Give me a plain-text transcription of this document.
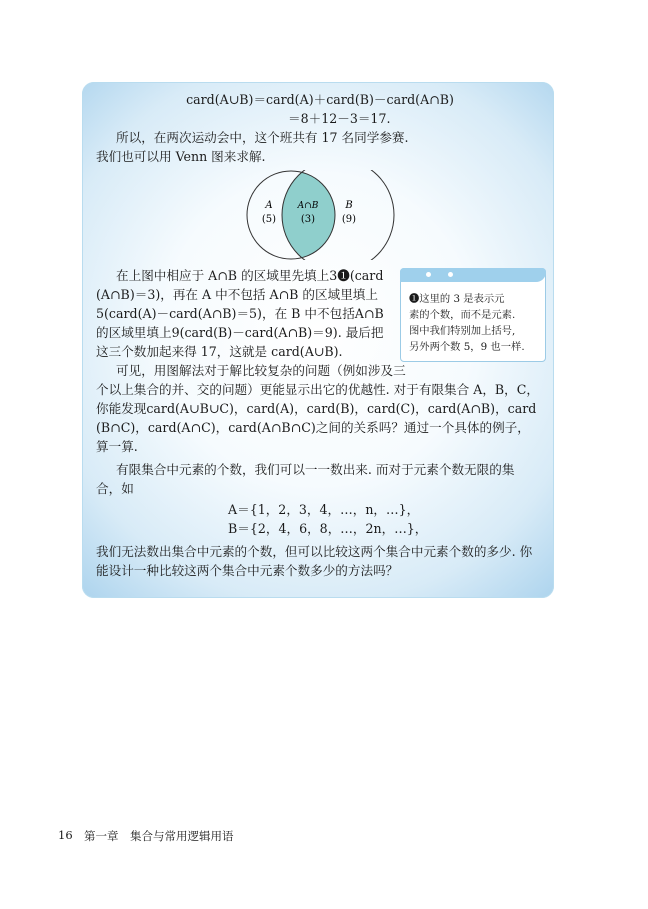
card(A∪B)＝card(A)＋card(B)－card(A∩B)
＝8＋12－3＝17.
所以，在两次运动会中，这个班共有 17 名同学参赛.
我们也可以用 Venn 图来求解.
A
(5)
A∩B
(3)
B
(9)
在上图中相应于 A∩B 的区域里先填上3❶(card
(A∩B)＝3)，再在 A 中不包括 A∩B 的区域里填上
5(card(A)－card(A∩B)＝5)，在 B 中不包括A∩B
的区域里填上9(card(B)－card(A∩B)＝9). 最后把
这三个数加起来得 17，这就是 card(A∪B).
❶这里的 3 是表示元
素的个数，而不是元素.
图中我们特别加上括号,
另外两个数 5，9 也一样.
可见，用图解法对于解比较复杂的问题（例如涉及三
个以上集合的并、交的问题）更能显示出它的优越性. 对于有限集合 A，B，C，
你能发现card(A∪B∪C)，card(A)，card(B)，card(C)，card(A∩B)，card
(B∩C)，card(A∩C)，card(A∩B∩C)之间的关系吗？通过一个具体的例子，
算一算.
有限集合中元素的个数，我们可以一一数出来. 而对于元素个数无限的集
合，如
A＝{1，2，3，4，…，n，…}，
B＝{2，4，6，8，…，2n，…}，
我们无法数出集合中元素的个数，但可以比较这两个集合中元素个数的多少. 你
能设计一种比较这两个集合中元素个数多少的方法吗？
16 第一章 集合与常用逻辑用语
